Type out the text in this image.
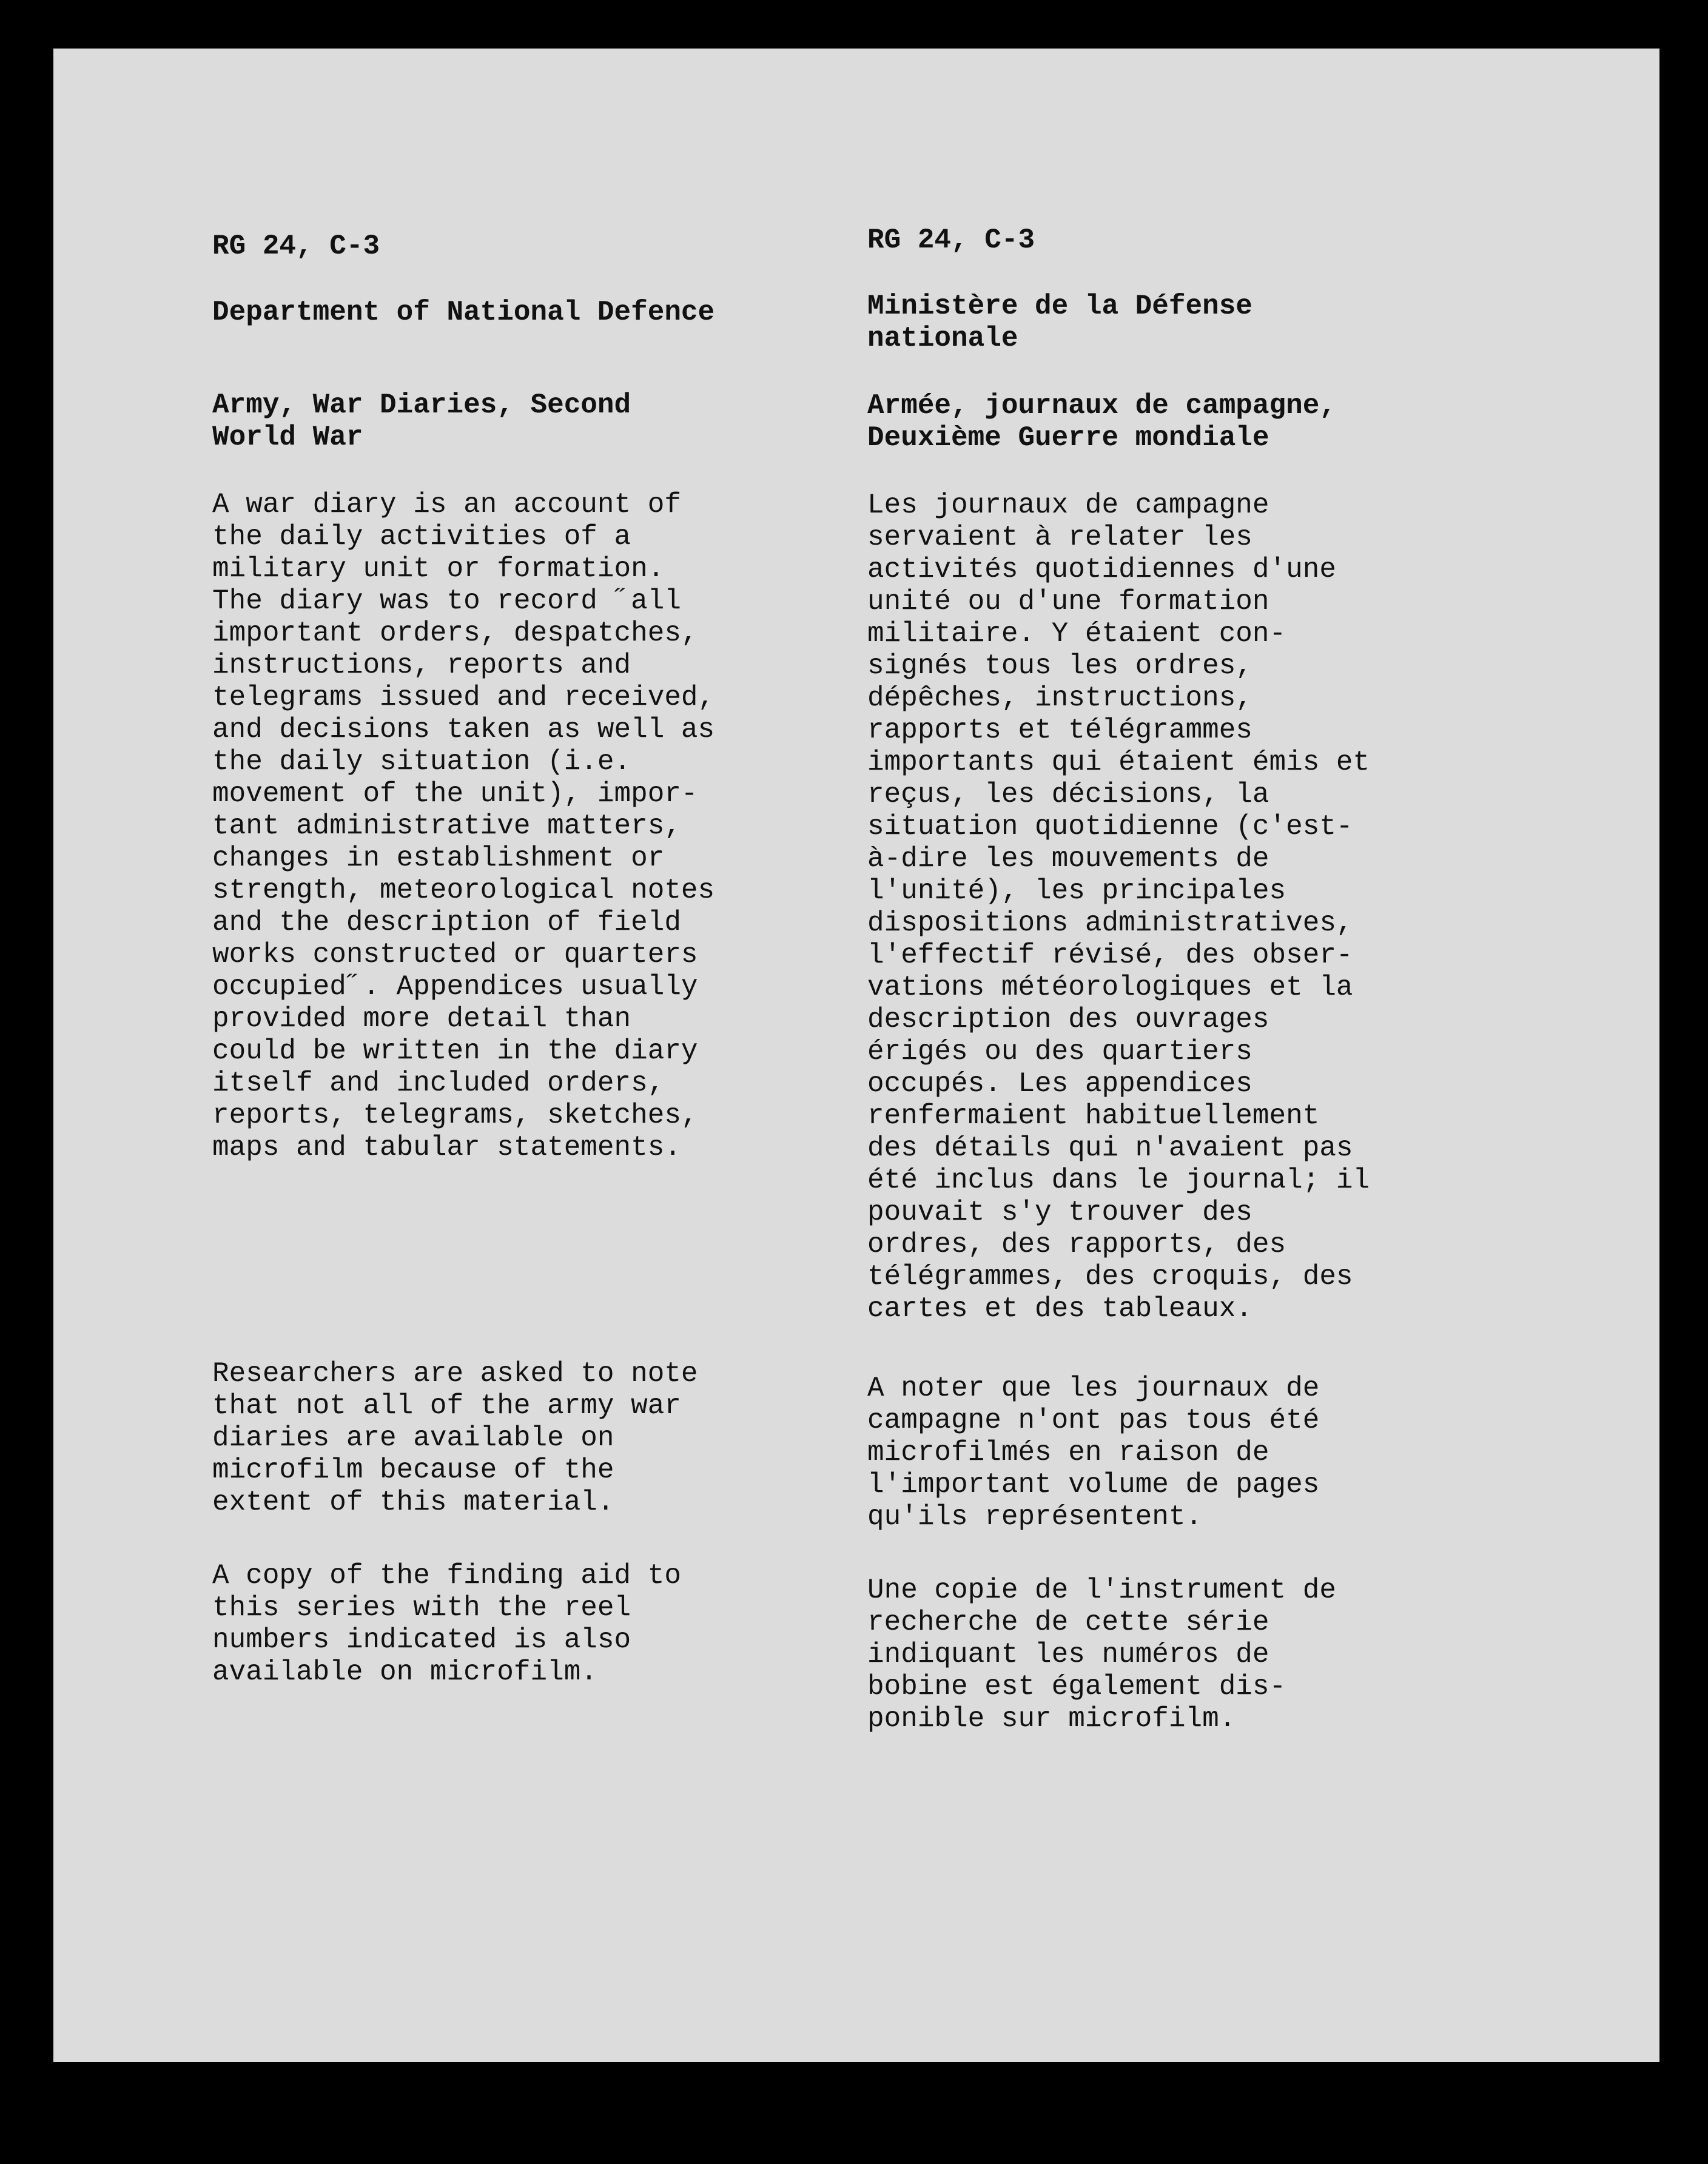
RG 24, C-3
Department of National Defence
Army, War Diaries, Second
World War
A war diary is an account of
the daily activities of a
military unit or formation.
The diary was to record ˝all
important orders, despatches,
instructions, reports and
telegrams issued and received,
and decisions taken as well as
the daily situation (i.e.
movement of the unit), impor-
tant administrative matters,
changes in establishment or
strength, meteorological notes
and the description of field
works constructed or quarters
occupied˝. Appendices usually
provided more detail than
could be written in the diary
itself and included orders,
reports, telegrams, sketches,
maps and tabular statements.
Researchers are asked to note
that not all of the army war
diaries are available on
microfilm because of the
extent of this material.
A copy of the finding aid to
this series with the reel
numbers indicated is also
available on microfilm.
RG 24, C-3
Ministère de la Défense
nationale
Armée, journaux de campagne,
Deuxième Guerre mondiale
Les journaux de campagne
servaient à relater les
activités quotidiennes d'une
unité ou d'une formation
militaire. Y étaient con-
signés tous les ordres,
dépêches, instructions,
rapports et télégrammes
importants qui étaient émis et
reçus, les décisions, la
situation quotidienne (c'est-
à-dire les mouvements de
l'unité), les principales
dispositions administratives,
l'effectif révisé, des obser-
vations météorologiques et la
description des ouvrages
érigés ou des quartiers
occupés. Les appendices
renfermaient habituellement
des détails qui n'avaient pas
été inclus dans le journal; il
pouvait s'y trouver des
ordres, des rapports, des
télégrammes, des croquis, des
cartes et des tableaux.
A noter que les journaux de
campagne n'ont pas tous été
microfilmés en raison de
l'important volume de pages
qu'ils représentent.
Une copie de l'instrument de
recherche de cette série
indiquant les numéros de
bobine est également dis-
ponible sur microfilm.
